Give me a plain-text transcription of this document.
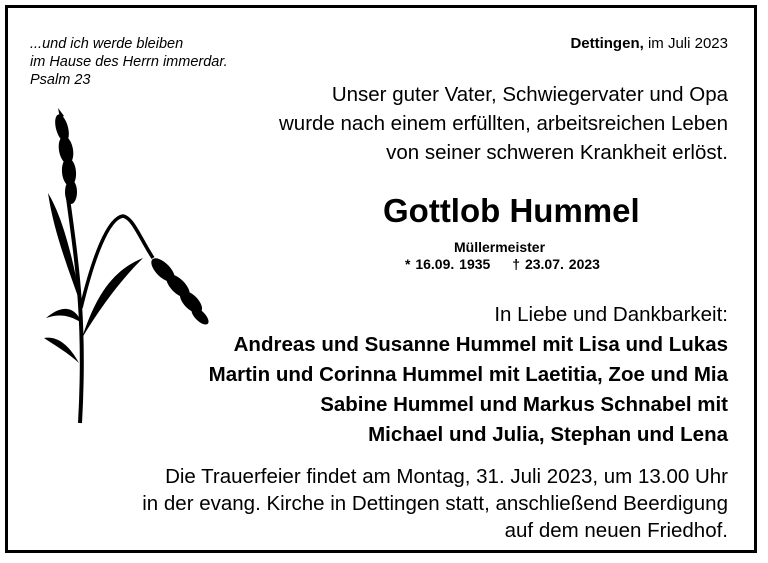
...und ich werde bleiben
im Hause des Herrn immerdar.
Psalm 23
Dettingen, im Juli 2023
Unser guter Vater, Schwiegervater und Opa
wurde nach einem erfüllten, arbeitsreichen Leben
von seiner schweren Krankheit erlöst.
Gottlob Hummel
Müllermeister
* 16.09. 1935 † 23.07. 2023
In Liebe und Dankbarkeit:
Andreas und Susanne Hummel mit Lisa und Lukas
Martin und Corinna Hummel mit Laetitia, Zoe und Mia
Sabine Hummel und Markus Schnabel mit
Michael und Julia, Stephan und Lena
Die Trauerfeier findet am Montag, 31. Juli 2023, um 13.00 Uhr
in der evang. Kirche in Dettingen statt, anschließend Beerdigung
auf dem neuen Friedhof.
